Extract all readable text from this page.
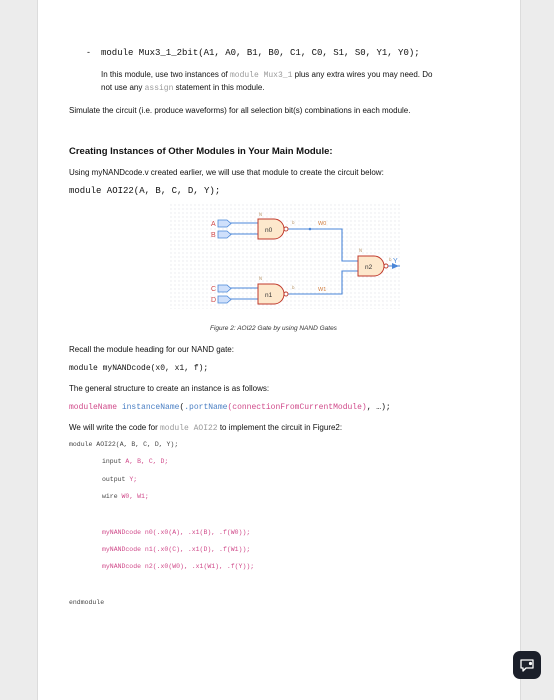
- module Mux3_1_2bit(A1, A0, B1, B0, C1, C0, S1, S0, Y1, Y0);
In this module, use two instances of module Mux3_1 plus any extra wires you may need. Do
not use any assign statement in this module.
Simulate the circuit (i.e. produce waveforms) for all selection bit(s) combinations in each module.
Creating Instances of Other Modules in Your Main Module:
Using myNANDcode.v created earlier, we will use that module to create the circuit below:
module AOI22(A, B, C, D, Y);
N
N
b
b
N
b
A
B
C
D
n0
n1
n2
W0
W1
Y
Figure 2: AOI22 Gate by using NAND Gates
Recall the module heading for our NAND gate:
module myNANDcode(x0, x1, f);
The general structure to create an instance is as follows:
moduleName instanceName(.portName(connectionFromCurrentModule), …);
We will write the code for module AOI22 to implement the circuit in Figure2:
module AOI22(A, B, C, D, Y);
input A, B, C, D;
output Y;
wire W0, W1;
myNANDcode n0(.x0(A), .x1(B), .f(W0));
myNANDcode n1(.x0(C), .x1(D), .f(W1));
myNANDcode n2(.x0(W0), .x1(W1), .f(Y));
endmodule
